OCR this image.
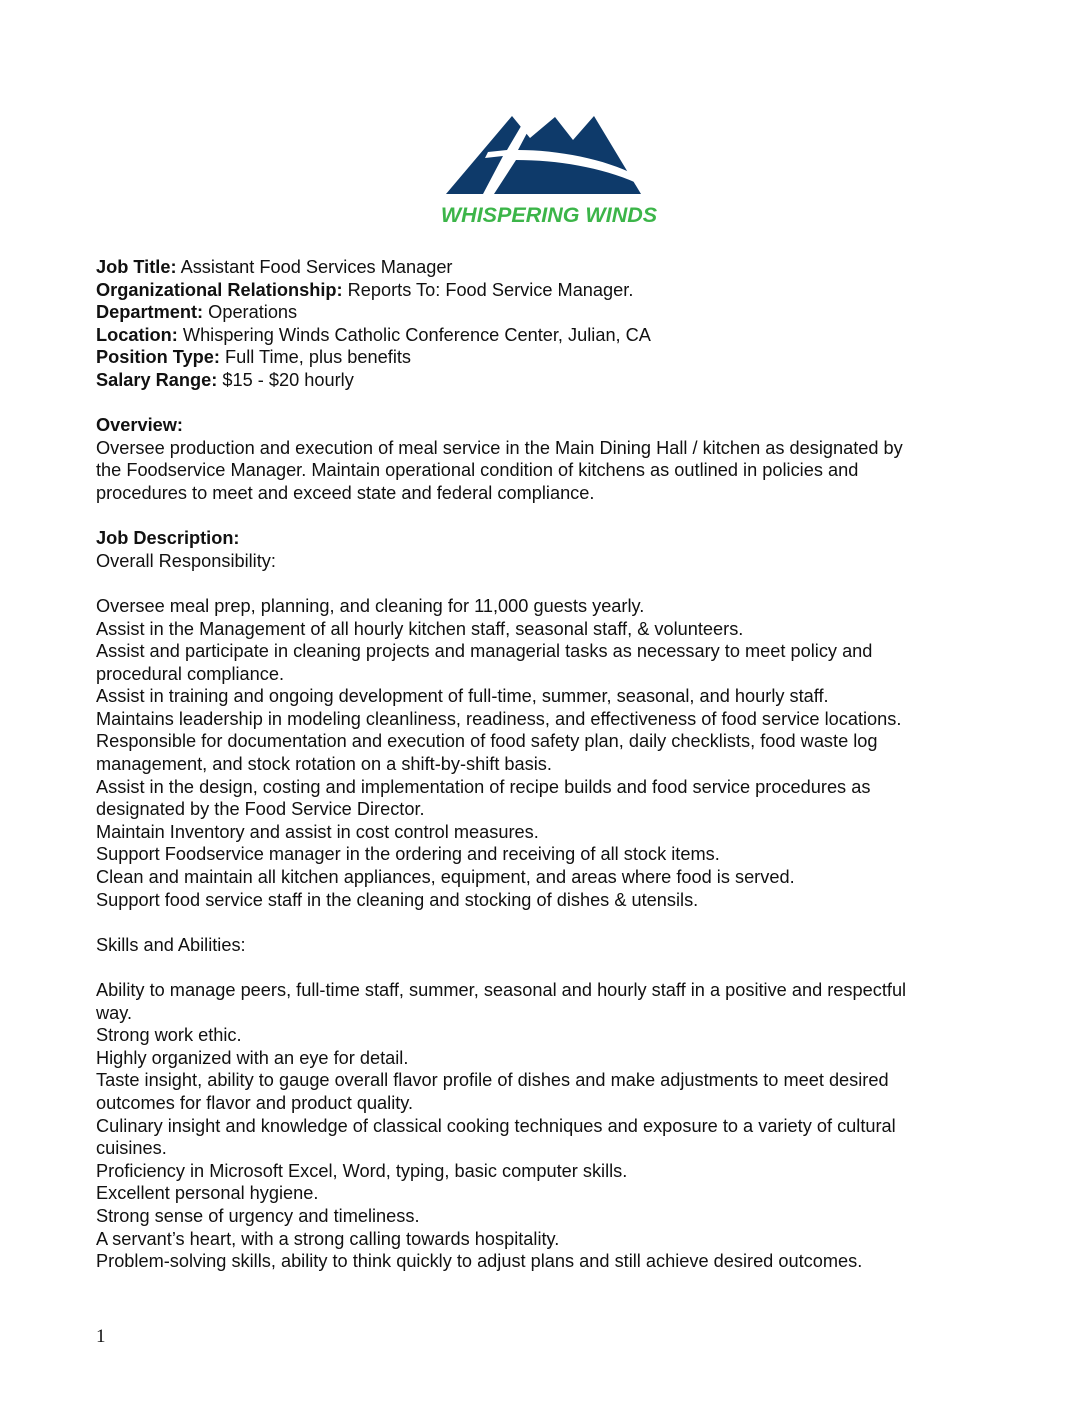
WHISPERING WINDS

Job Title: Assistant Food Services Manager

Organizational Relationship: Reports To: Food Service Manager.

Department: Operations

Location: Whispering Winds Catholic Conference Center, Julian, CA

Position Type: Full Time, plus benefits

Salary Range: $15 - $20 hourly

Overview:

Oversee production and execution of meal service in the Main Dining Hall / kitchen as designated by

the Foodservice Manager. Maintain operational condition of kitchens as outlined in policies and

procedures to meet and exceed state and federal compliance.

Job Description:

Overall Responsibility:

Oversee meal prep, planning, and cleaning for 11,000 guests yearly.

Assist in the Management of all hourly kitchen staff, seasonal staff, & volunteers.

Assist and participate in cleaning projects and managerial tasks as necessary to meet policy and

procedural compliance.

Assist in training and ongoing development of full-time, summer, seasonal, and hourly staff.

Maintains leadership in modeling cleanliness, readiness, and effectiveness of food service locations.

Responsible for documentation and execution of food safety plan, daily checklists, food waste log

management, and stock rotation on a shift-by-shift basis.

Assist in the design, costing and implementation of recipe builds and food service procedures as

designated by the Food Service Director.

Maintain Inventory and assist in cost control measures.

Support Foodservice manager in the ordering and receiving of all stock items.

Clean and maintain all kitchen appliances, equipment, and areas where food is served.

Support food service staff in the cleaning and stocking of dishes & utensils.

Skills and Abilities:

Ability to manage peers, full-time staff, summer, seasonal and hourly staff in a positive and respectful

way.

Strong work ethic.

Highly organized with an eye for detail.

Taste insight, ability to gauge overall flavor profile of dishes and make adjustments to meet desired

outcomes for flavor and product quality.

Culinary insight and knowledge of classical cooking techniques and exposure to a variety of cultural

cuisines.

Proficiency in Microsoft Excel, Word, typing, basic computer skills.

Excellent personal hygiene.

Strong sense of urgency and timeliness.

A servant’s heart, with a strong calling towards hospitality.

Problem-solving skills, ability to think quickly to adjust plans and still achieve desired outcomes.

1
